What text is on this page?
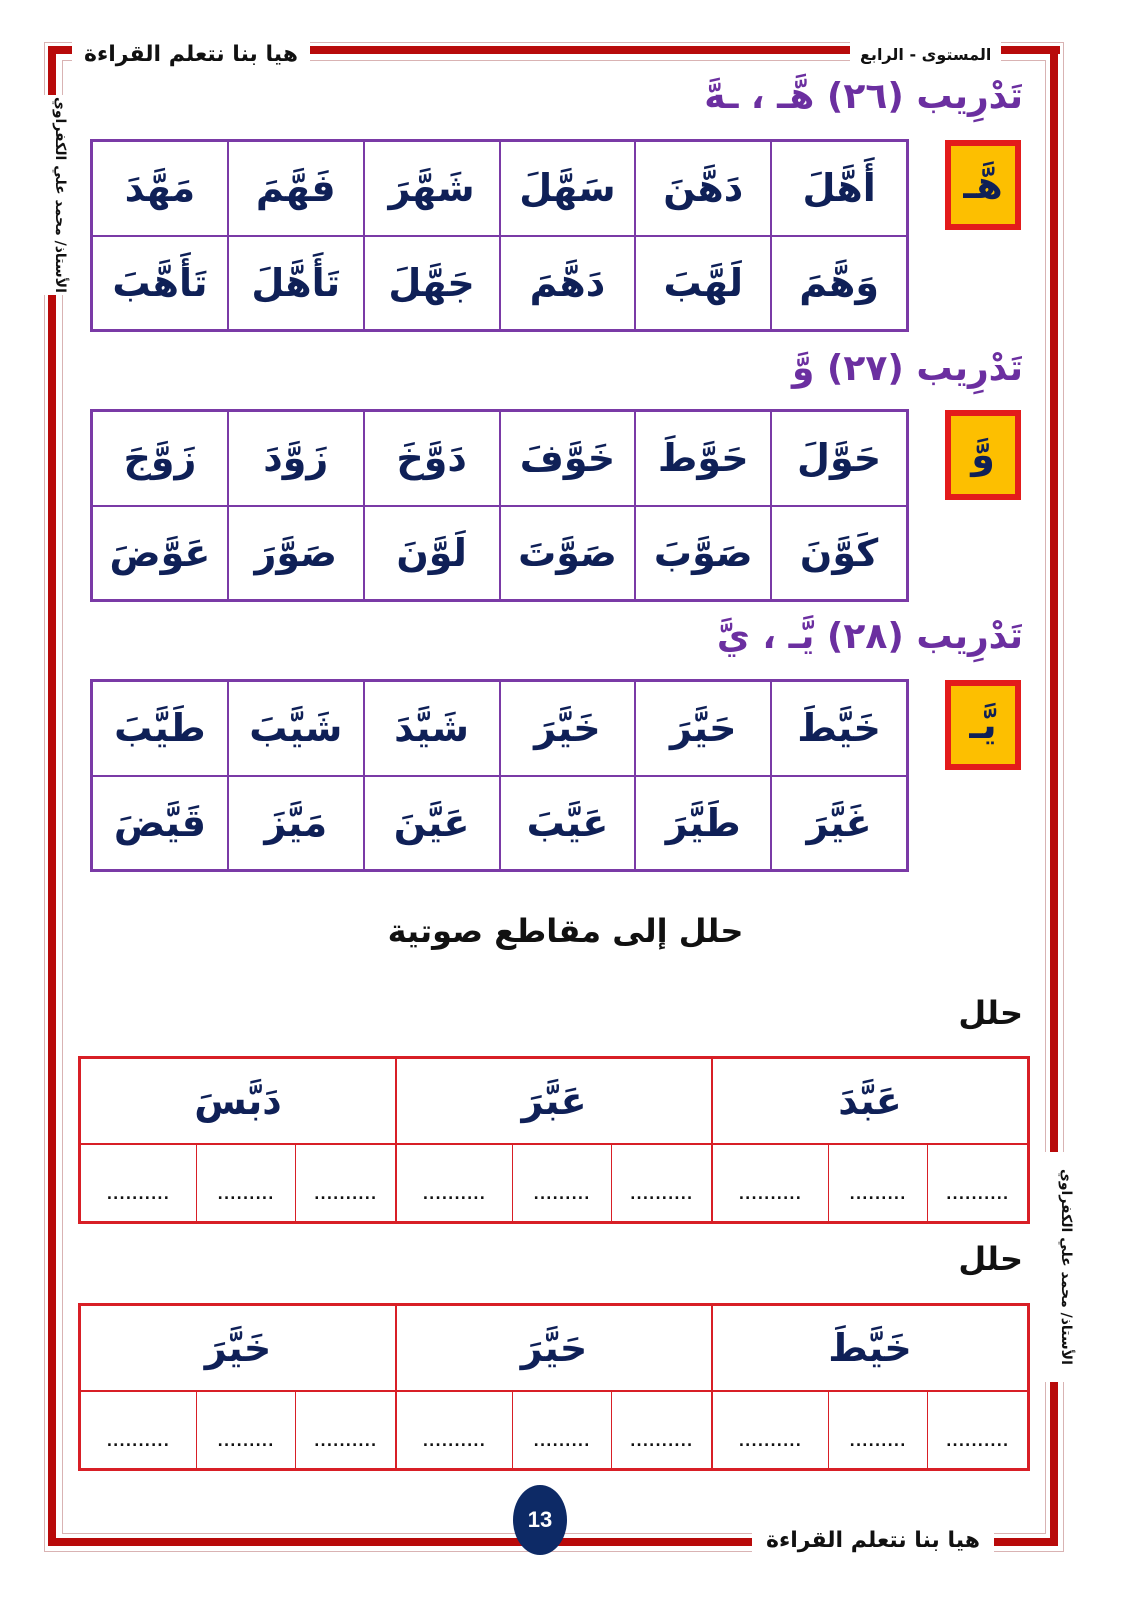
هيا بنا نتعلم القراءة	المستوى - الرابع
الأستاذ/ محمد علي الكفراوي
الأستاذ/ محمد علي الكفراوي
تَدْرِيب (٢٦) هَّـ ، ـهَّ
هَّـ
أَهَّلَ
دَهَّنَ
سَهَّلَ
شَهَّرَ
فَهَّمَ
مَهَّدَ
وَهَّمَ
لَهَّبَ
دَهَّمَ
جَهَّلَ
تَأَهَّلَ
تَأَهَّبَ
تَدْرِيب (٢٧) وَّ
وَّ
حَوَّلَ
حَوَّطَ
خَوَّفَ
دَوَّخَ
زَوَّدَ
زَوَّجَ
كَوَّنَ
صَوَّبَ
صَوَّتَ
لَوَّنَ
صَوَّرَ
عَوَّضَ
تَدْرِيب (٢٨) يَّـ ، يَّ
يَّـ
خَيَّطَ
حَيَّرَ
خَيَّرَ
شَيَّدَ
شَيَّبَ
طَيَّبَ
غَيَّرَ
طَيَّرَ
عَيَّبَ
عَيَّنَ
مَيَّزَ
قَيَّضَ
حلل إلى مقاطع صوتية
حلل
عَبَّدَ
عَبَّرَ
دَبَّسَ
..........
.........
..........
..........
.........
..........
..........
.........
..........
حلل
خَيَّطَ
حَيَّرَ
خَيَّرَ
..........
.........
..........
..........
.........
..........
..........
.........
..........
هيا بنا نتعلم القراءة
13
